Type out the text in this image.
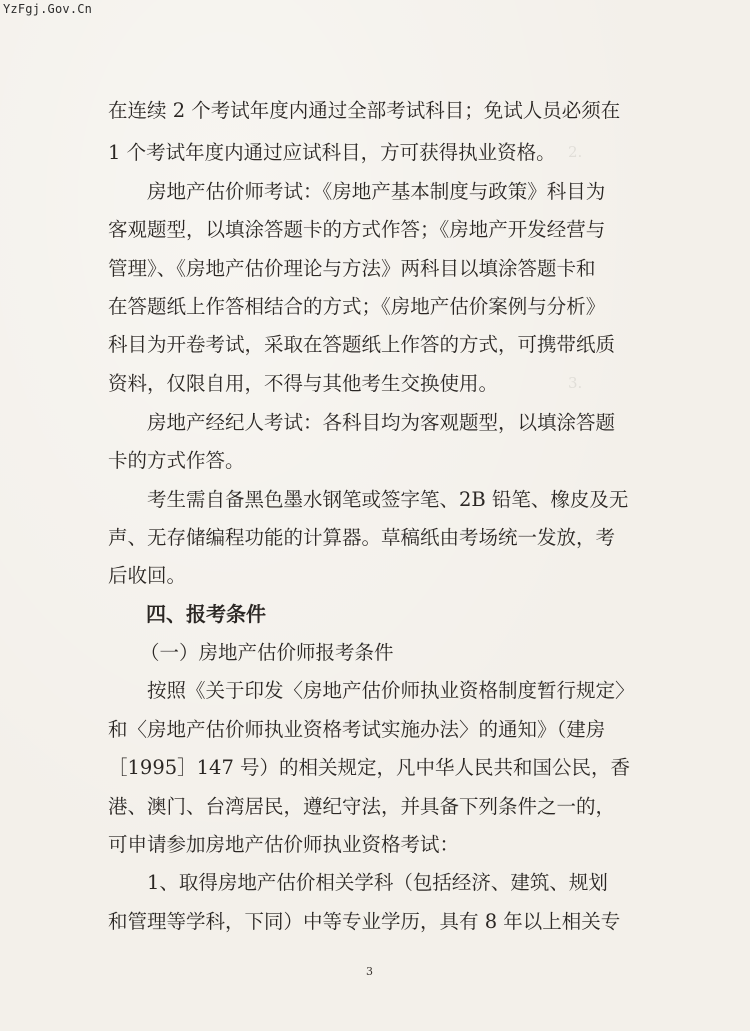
YzFgj.Gov.Cn
2.
3.
在连续 2 个考试年度内通过全部考试科目；免试人员必须在
1 个考试年度内通过应试科目，方可获得执业资格。
房地产估价师考试：《房地产基本制度与政策》科目为
客观题型，以填涂答题卡的方式作答；《房地产开发经营与
管理》、《房地产估价理论与方法》两科目以填涂答题卡和
在答题纸上作答相结合的方式；《房地产估价案例与分析》
科目为开卷考试，采取在答题纸上作答的方式，可携带纸质
资料，仅限自用，不得与其他考生交换使用。
房地产经纪人考试：各科目均为客观题型，以填涂答题
卡的方式作答。
考生需自备黑色墨水钢笔或签字笔、2B 铅笔、橡皮及无
声、无存储编程功能的计算器。草稿纸由考场统一发放，考
后收回。
四、报考条件
（一）房地产估价师报考条件
按照《关于印发〈房地产估价师执业资格制度暂行规定〉
和〈房地产估价师执业资格考试实施办法〉的通知》（建房
［1995］147 号）的相关规定，凡中华人民共和国公民，香
港、澳门、台湾居民，遵纪守法，并具备下列条件之一的，
可申请参加房地产估价师执业资格考试：
1、取得房地产估价相关学科（包括经济、建筑、规划
和管理等学科，下同）中等专业学历，具有 8 年以上相关专
3
